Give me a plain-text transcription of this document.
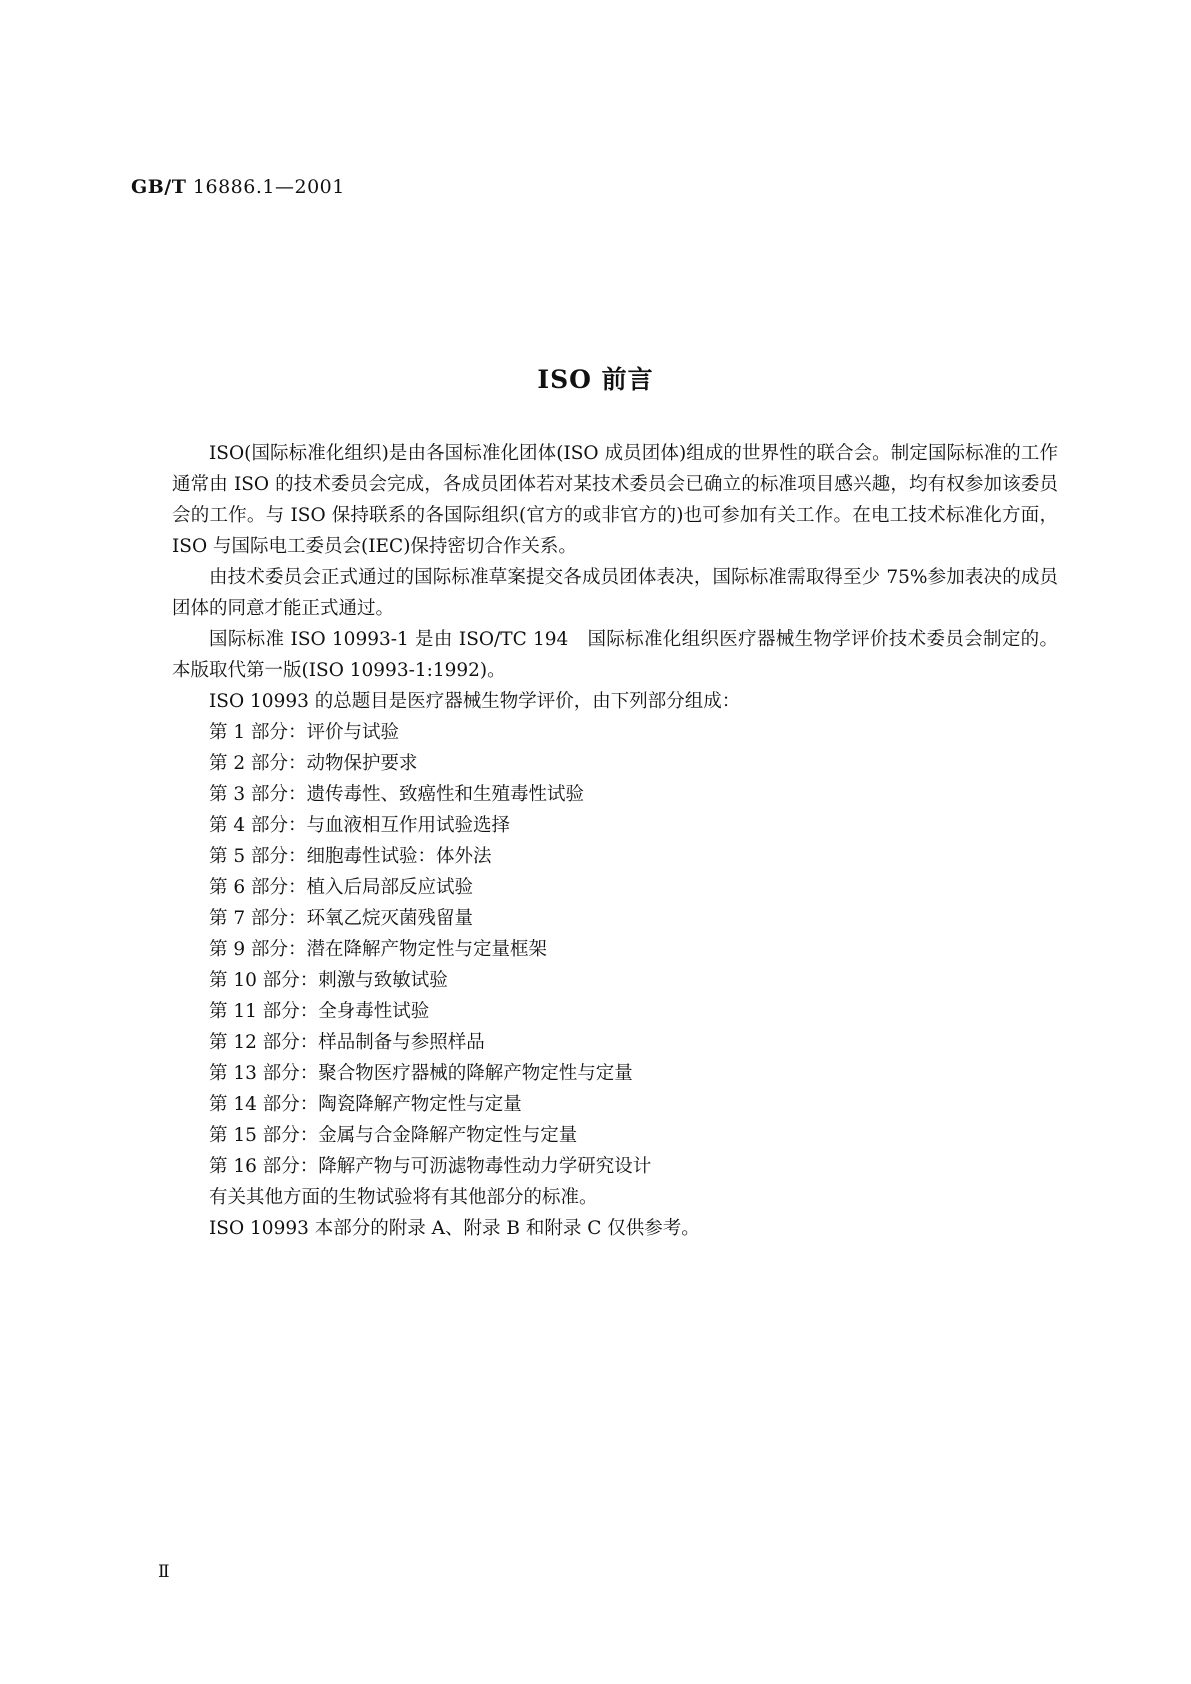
GB/T 16886.1—2001
ISO 前言

ISO(国际标准化组织)是由各国标准化团体(ISO 成员团体)组成的世界性的联合会。制定国际标准的工作通常由 ISO 的技术委员会完成，各成员团体若对某技术委员会已确立的标准项目感兴趣，均有权参加该委员会的工作。与 ISO 保持联系的各国际组织(官方的或非官方的)也可参加有关工作。在电工技术标准化方面，ISO 与国际电工委员会(IEC)保持密切合作关系。

由技术委员会正式通过的国际标准草案提交各成员团体表决，国际标准需取得至少 75%参加表决的成员团体的同意才能正式通过。

国际标准 ISO 10993-1 是由 ISO/TC 194　国际标准化组织医疗器械生物学评价技术委员会制定的。本版取代第一版(ISO 10993-1:1992)。

ISO 10993 的总题目是医疗器械生物学评价，由下列部分组成：

第 1 部分：评价与试验
第 2 部分：动物保护要求
第 3 部分：遗传毒性、致癌性和生殖毒性试验
第 4 部分：与血液相互作用试验选择
第 5 部分：细胞毒性试验：体外法
第 6 部分：植入后局部反应试验
第 7 部分：环氧乙烷灭菌残留量
第 9 部分：潜在降解产物定性与定量框架
第 10 部分：刺激与致敏试验
第 11 部分：全身毒性试验
第 12 部分：样品制备与参照样品
第 13 部分：聚合物医疗器械的降解产物定性与定量
第 14 部分：陶瓷降解产物定性与定量
第 15 部分：金属与合金降解产物定性与定量
第 16 部分：降解产物与可沥滤物毒性动力学研究设计

有关其他方面的生物试验将有其他部分的标准。

ISO 10993 本部分的附录 A、附录 B 和附录 C 仅供参考。

Ⅱ
